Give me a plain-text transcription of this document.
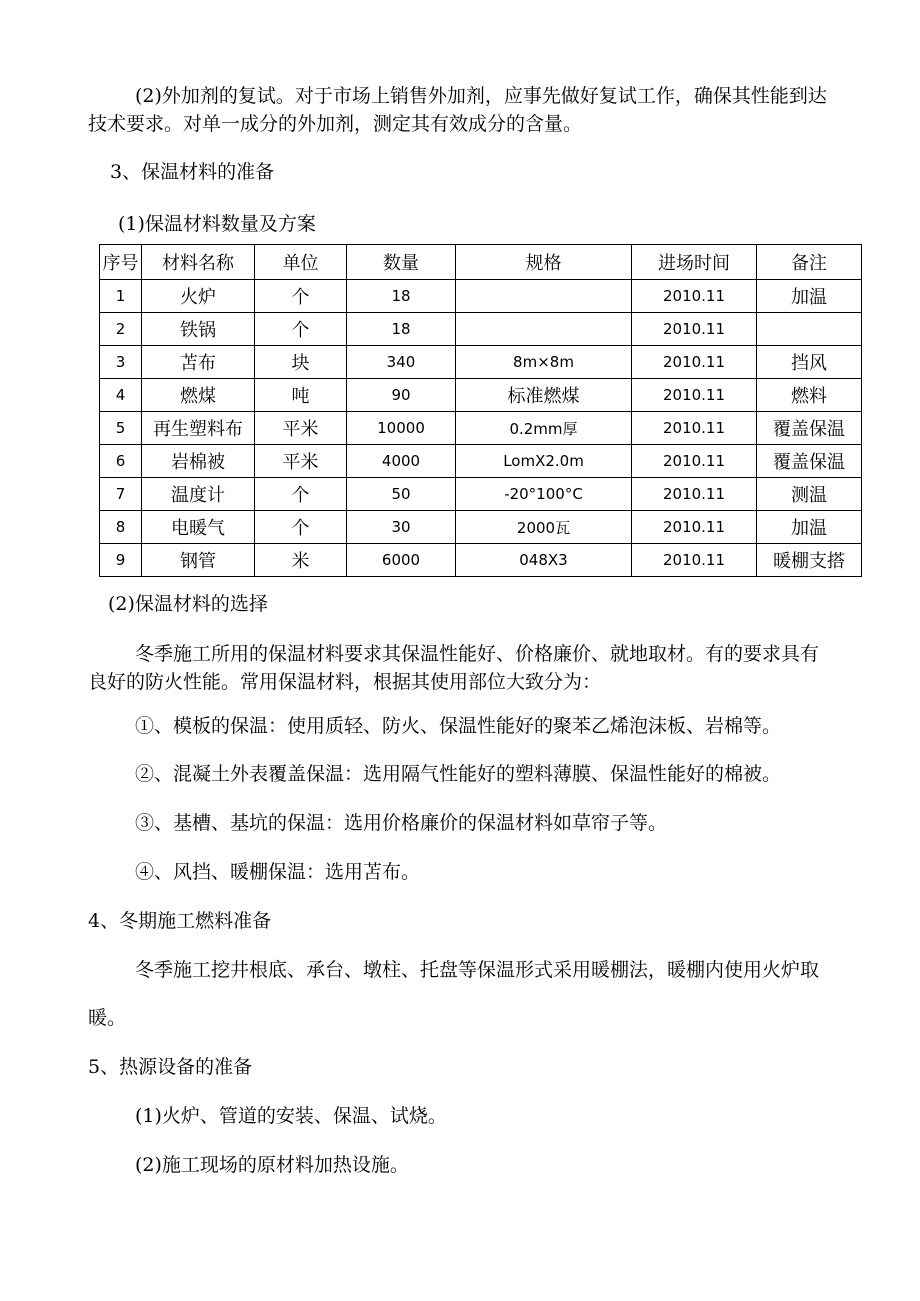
(2)外加剂的复试。对于市场上销售外加剂，应事先做好复试工作，确保其性能到达
技术要求。对单一成分的外加剂，测定其有效成分的含量。
3、保温材料的准备
(1)保温材料数量及方案
序号	材料名称	单位	数量	规格	进场时间	备注
1	火炉	个	18		2010.11	加温
2	铁锅	个	18		2010.11	
3	苫布	块	340	8m×8m	2010.11	挡风
4	燃煤	吨	90	标准燃煤	2010.11	燃料
5	再生塑料布	平米	10000	0.2mm厚	2010.11	覆盖保温
6	岩棉被	平米	4000	LomX2.0m	2010.11	覆盖保温
7	温度计	个	50	-20°100°C	2010.11	测温
8	电暖气	个	30	2000瓦	2010.11	加温
9	钢管	米	6000	048X3	2010.11	暖棚支搭
(2)保温材料的选择
冬季施工所用的保温材料要求其保温性能好、价格廉价、就地取材。有的要求具有
良好的防火性能。常用保温材料，根据其使用部位大致分为：
①、模板的保温：使用质轻、防火、保温性能好的聚苯乙烯泡沫板、岩棉等。
②、混凝土外表覆盖保温：选用隔气性能好的塑料薄膜、保温性能好的棉被。
③、基槽、基坑的保温：选用价格廉价的保温材料如草帘子等。
④、风挡、暖棚保温：选用苫布。
4、冬期施工燃料准备
冬季施工挖井根底、承台、墩柱、托盘等保温形式采用暖棚法，暖棚内使用火炉取
暖。
5、热源设备的准备
(1)火炉、管道的安装、保温、试烧。
(2)施工现场的原材料加热设施。
